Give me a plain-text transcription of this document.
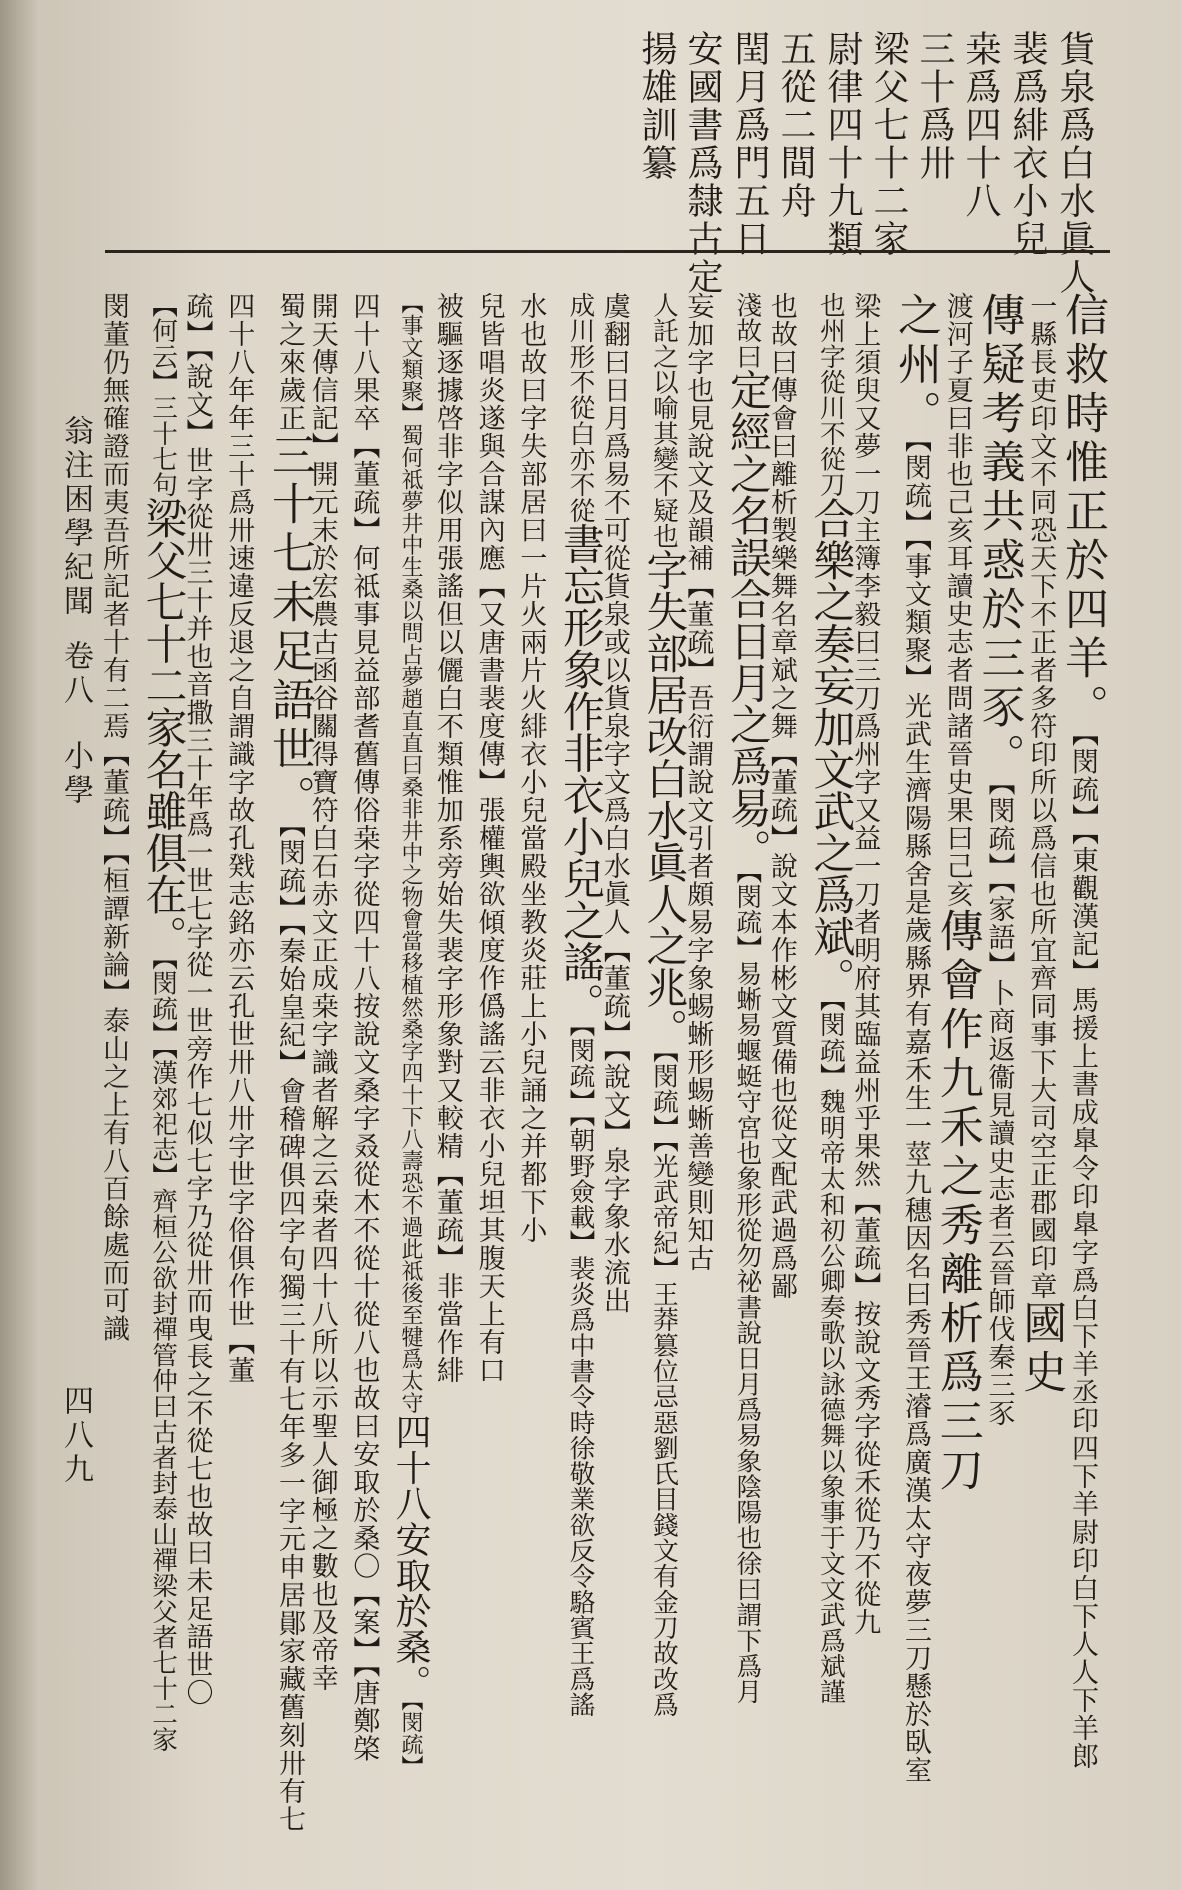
貨泉爲白水眞人
裴爲緋衣小兒
桒爲四十八
三十爲卅
梁父七十二家
尉律四十九類
五從二間舟
閏月爲門五日
安國書爲隸古定
揚雄訓纂
信救時惟正於四羊。【閔疏】【東觀漢記】馬援上書成臯令印臯字爲白下羊丞印四下羊尉印白下人人下羊郎
一縣長吏印文不同恐天下不正者多符印所以爲信也所宜齊同事下大司空正郡國印章國史
傳疑考義共惑於三豕。【閔疏】【家語】卜商返衞見讀史志者云晉師伐秦三豕
渡河子夏曰非也己亥耳讀史志者問諸晉史果曰己亥傳會作九禾之秀離析爲三刀
之州。【閔疏】【事文類聚】光武生濟陽縣舍是歲縣界有嘉禾生一莖九穗因名曰秀晉王濬爲廣漢太守夜夢三刀懸於臥室
梁上須臾又夢一刀主簿李毅曰三刀爲州字又益一刀者明府其臨益州乎果然【董疏】按說文秀字從禾從乃不從九
也州字從川不從刀合樂之奏妄加文武之爲斌。【閔疏】魏明帝太和初公卿奏歌以詠德舞以象事于文文武爲斌謹
也故曰傳會曰離析製樂舞名章斌之舞【董疏】說文本作彬文質備也從文配武過爲鄙
淺故曰定經之名誤合日月之爲易。【閔疏】易蜥易蝘蜓守宮也象形從勿祕書說日月爲易象陰陽也徐曰謂下爲月
妄加字也見說文及韻補【董疏】吾衍謂說文引者頗易字象蜴蜥形蜴蜥善變則知古
人託之以喻其變不疑也字失部居改白水眞人之兆。【閔疏】【光武帝紀】王莽篡位忌惡劉氏目錢文有金刀故改爲
虞翻曰日月爲易不可從貨泉或以貨泉字文爲白水眞人【董疏】【說文】泉字象水流出
成川形不從白亦不從書忘形象作非衣小兒之謠。【閔疏】【朝野僉載】裴炎爲中書令時徐敬業欲反令駱賓王爲謠
水也故曰字失部居曰一片火兩片火緋衣小兒當殿坐教炎莊上小兒誦之并都下小
兒皆唱炎遂與合謀內應【又唐書裴度傳】張權輿欲傾度作僞謠云非衣小兒坦其腹天上有口
被驅逐據啓非字似用張謠但以儷白不類惟加系旁始失裴字形象對又較精【董疏】非當作緋
【事文類聚】蜀何祗夢井中生桑以問占夢趙直直曰桑非井中之物會當移植然桑字四十下八壽恐不過此祗後至犍爲太守四十八安取於桑。【閔疏】
四十八果卒【董疏】何祗事見益部耆舊傳俗桒字從四十八按說文桑字叒從木不從十從八也故曰安取於桑〇【案】【唐鄭棨
開天傳信記】開元末於宏農古函谷關得寶符白石赤文正成桒字識者解之云桒者四十八所以示聖人御極之數也及帝幸
蜀之來歲正三十七未足語世。【閔疏】【秦始皇紀】會稽碑俱四字句獨三十有七年多一字元申居鄖家藏舊刻卅有七
四十八年年三十爲卅速違反退之自謂識字故孔戣志銘亦云孔世卅八卅字世字俗俱作世【董
疏】【說文】世字從卅三十并也音撒三十年爲一世七字從一世旁作七似七字乃從卅而曳長之不從七也故曰未足語世〇
【何云】三十七句梁父七十二家名雖俱在。【閔疏】【漢郊祀志】齊桓公欲封禪管仲曰古者封泰山禪梁父者七十二家
閔董仍無確證而夷吾所記者十有二焉【董疏】【桓譚新論】泰山之上有八百餘處而可識
翁注困學紀聞
卷八
小學
四八九
